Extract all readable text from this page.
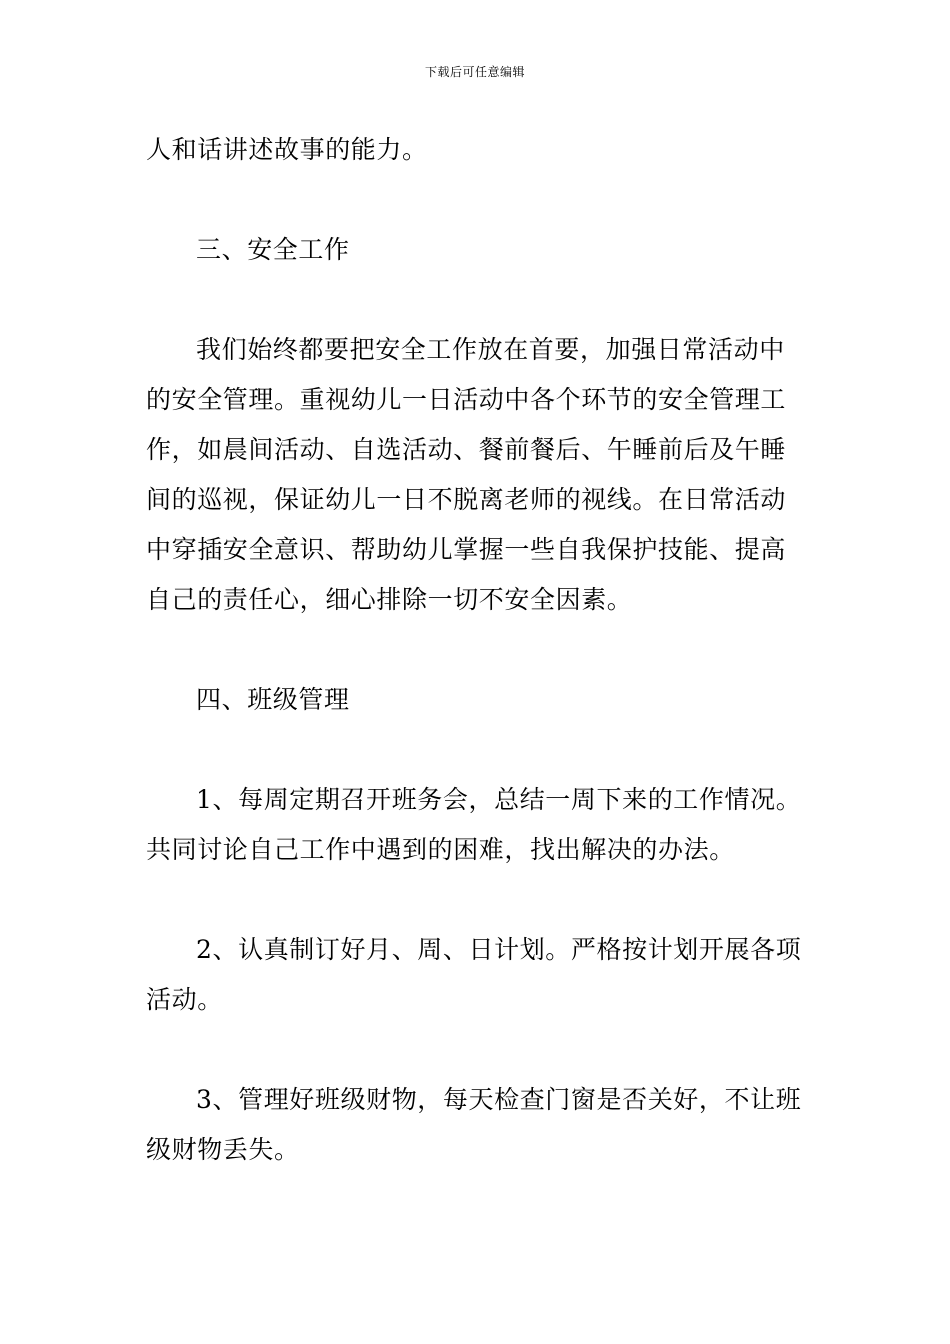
下载后可任意编辑
人和话讲述故事的能力。
三、安全工作
我们始终都要把安全工作放在首要，加强日常活动中
的安全管理。重视幼儿一日活动中各个环节的安全管理工
作，如晨间活动、自选活动、餐前餐后、午睡前后及午睡
间的巡视，保证幼儿一日不脱离老师的视线。在日常活动
中穿插安全意识、帮助幼儿掌握一些自我保护技能、提高
自己的责任心，细心排除一切不安全因素。
四、班级管理
1、每周定期召开班务会，总结一周下来的工作情况。
共同讨论自己工作中遇到的困难，找出解决的办法。
2、认真制订好月、周、日计划。严格按计划开展各项
活动。
3、管理好班级财物，每天检查门窗是否关好，不让班
级财物丢失。
